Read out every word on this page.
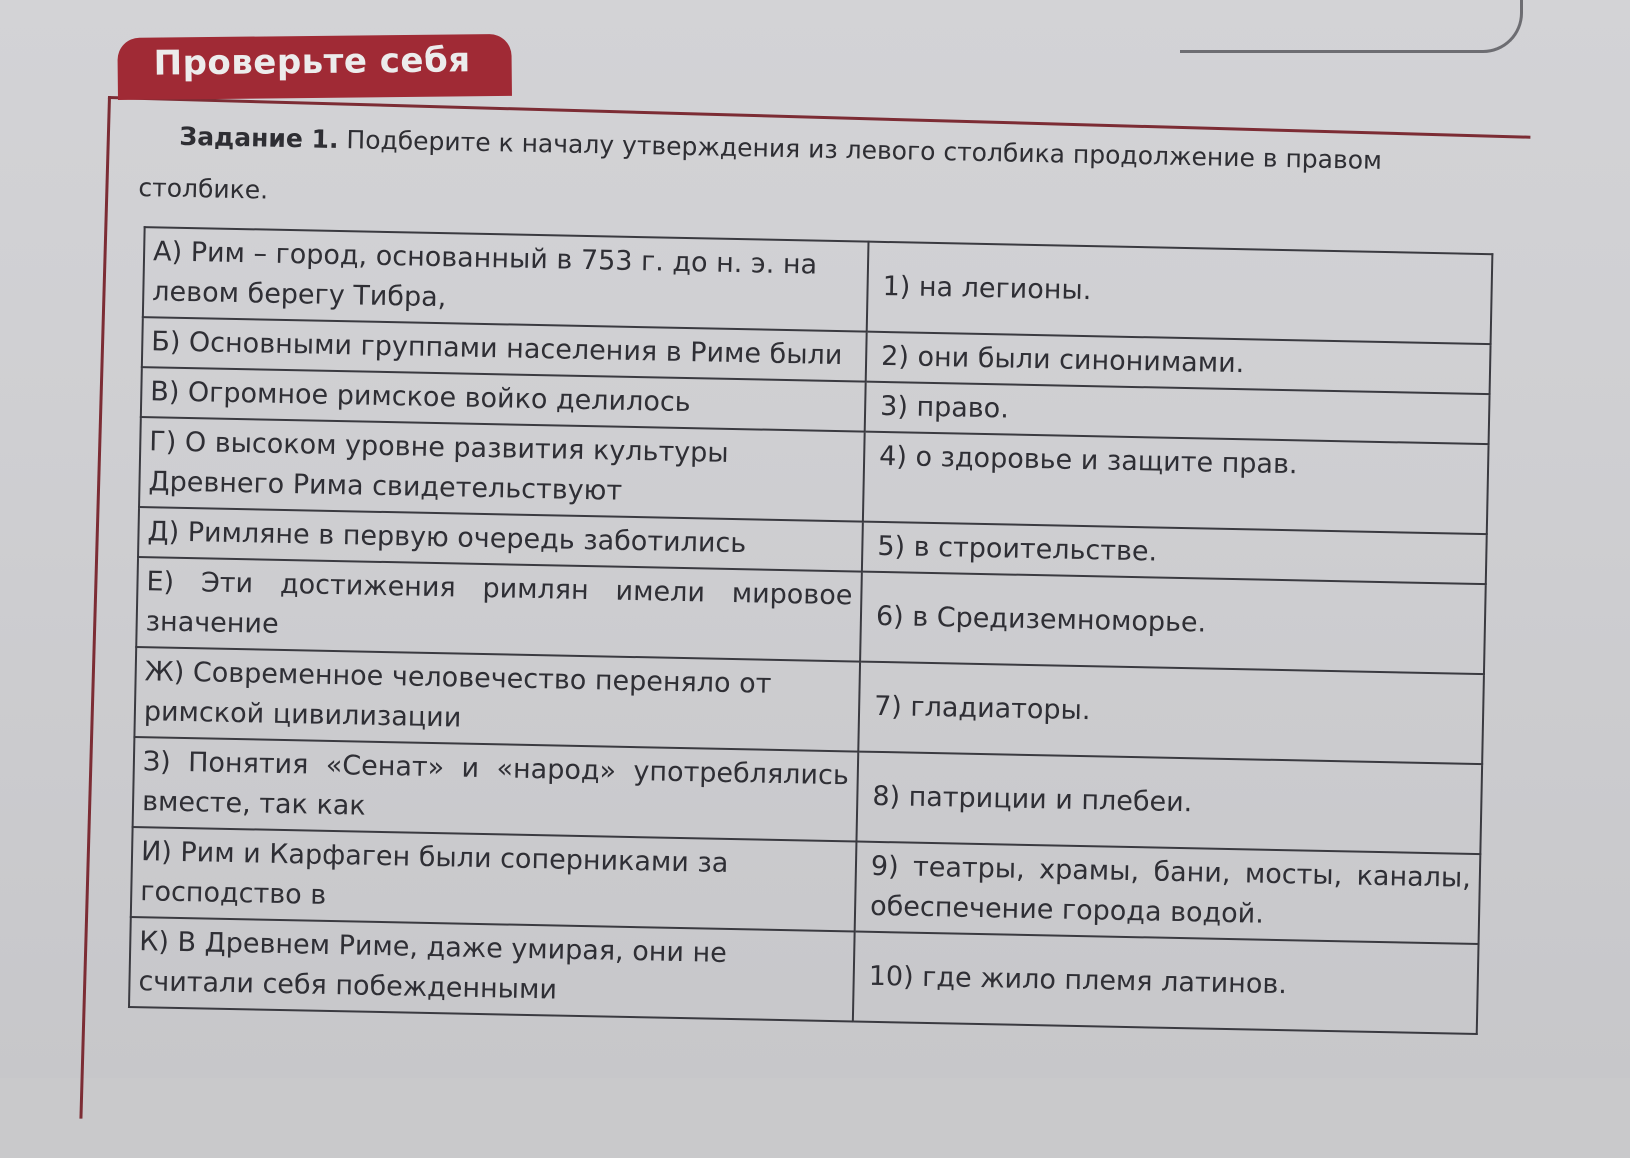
Проверьте себя

Задание 1. Подберите к началу утверждения из левого столбика продолжение в правом столбике.

А) Рим – город, основанный в 753 г. до н. э. на левом берегу Тибра,	1) на легионы.
Б) Основными группами населения в Риме были	2) они были синонимами.
В) Огромное римское войко делилось	3) право.
Г) О высоком уровне развития культуры Древнего Рима свидетельствуют	4) о здоровье и защите прав.
Д) Римляне в первую очередь заботились	5) в строительстве.
Е) Эти достижения римлян имели мировое значение	6) в Средиземноморье.
Ж) Современное человечество переняло от римской цивилизации	7) гладиаторы.
З) Понятия «Сенат» и «народ» употреблялись вместе, так как	8) патриции и плебеи.
И) Рим и Карфаген были соперниками за господство в	9) театры, храмы, бани, мосты, каналы, обеспечение города водой.
К) В Древнем Риме, даже умирая, они не считали себя побежденными	10) где жило племя латинов.
